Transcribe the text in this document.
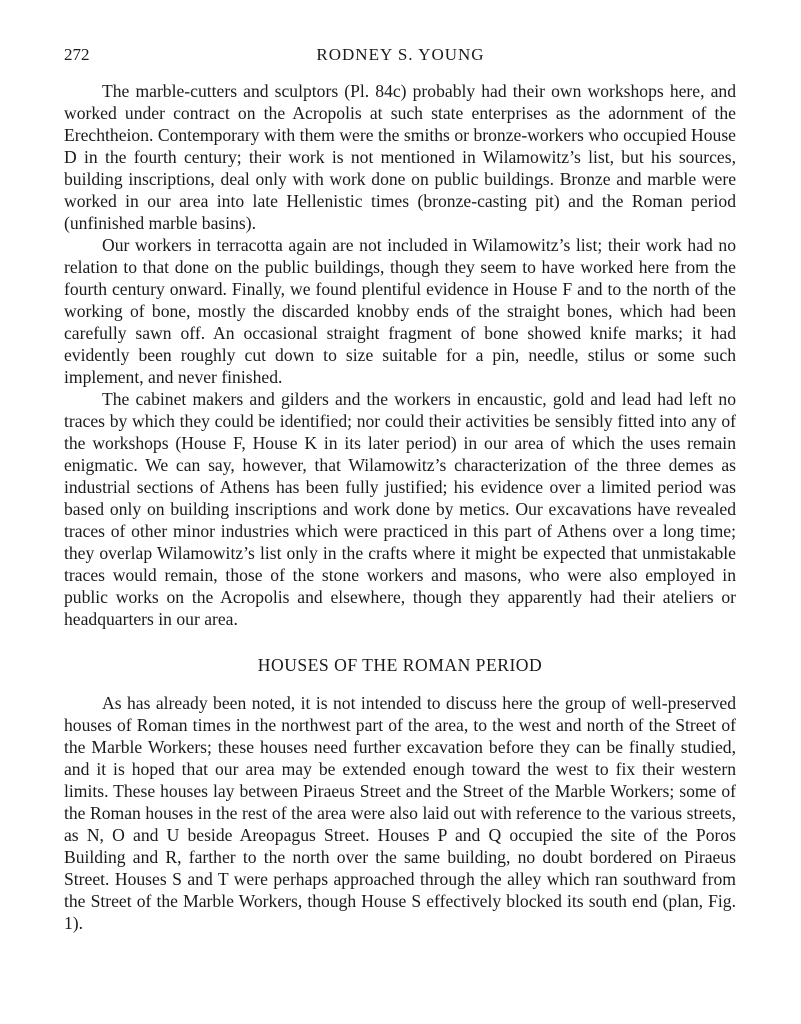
272	RODNEY S. YOUNG

The marble-cutters and sculptors (Pl. 84c) probably had their own workshops here, and worked under contract on the Acropolis at such state enterprises as the adornment of the Erechtheion. Contemporary with them were the smiths or bronze-workers who occupied House D in the fourth century; their work is not mentioned in Wilamowitz’s list, but his sources, building inscriptions, deal only with work done on public buildings. Bronze and marble were worked in our area into late Hellenistic times (bronze-casting pit) and the Roman period (unfinished marble basins).

Our workers in terracotta again are not included in Wilamowitz’s list; their work had no relation to that done on the public buildings, though they seem to have worked here from the fourth century onward. Finally, we found plentiful evidence in House F and to the north of the working of bone, mostly the discarded knobby ends of the straight bones, which had been carefully sawn off. An occasional straight fragment of bone showed knife marks; it had evidently been roughly cut down to size suitable for a pin, needle, stilus or some such implement, and never finished.

The cabinet makers and gilders and the workers in encaustic, gold and lead had left no traces by which they could be identified; nor could their activities be sensibly fitted into any of the workshops (House F, House K in its later period) in our area of which the uses remain enigmatic. We can say, however, that Wilamowitz’s characterization of the three demes as industrial sections of Athens has been fully justified; his evidence over a limited period was based only on building inscriptions and work done by metics. Our excavations have revealed traces of other minor industries which were practiced in this part of Athens over a long time; they overlap Wilamowitz’s list only in the crafts where it might be expected that unmistakable traces would remain, those of the stone workers and masons, who were also employed in public works on the Acropolis and elsewhere, though they apparently had their ateliers or headquarters in our area.

HOUSES OF THE ROMAN PERIOD

As has already been noted, it is not intended to discuss here the group of well-preserved houses of Roman times in the northwest part of the area, to the west and north of the Street of the Marble Workers; these houses need further excavation before they can be finally studied, and it is hoped that our area may be extended enough toward the west to fix their western limits. These houses lay between Piraeus Street and the Street of the Marble Workers; some of the Roman houses in the rest of the area were also laid out with reference to the various streets, as N, O and U beside Areopagus Street. Houses P and Q occupied the site of the Poros Building and R, farther to the north over the same building, no doubt bordered on Piraeus Street. Houses S and T were perhaps approached through the alley which ran southward from the Street of the Marble Workers, though House S effectively blocked its south end (plan, Fig. 1).
